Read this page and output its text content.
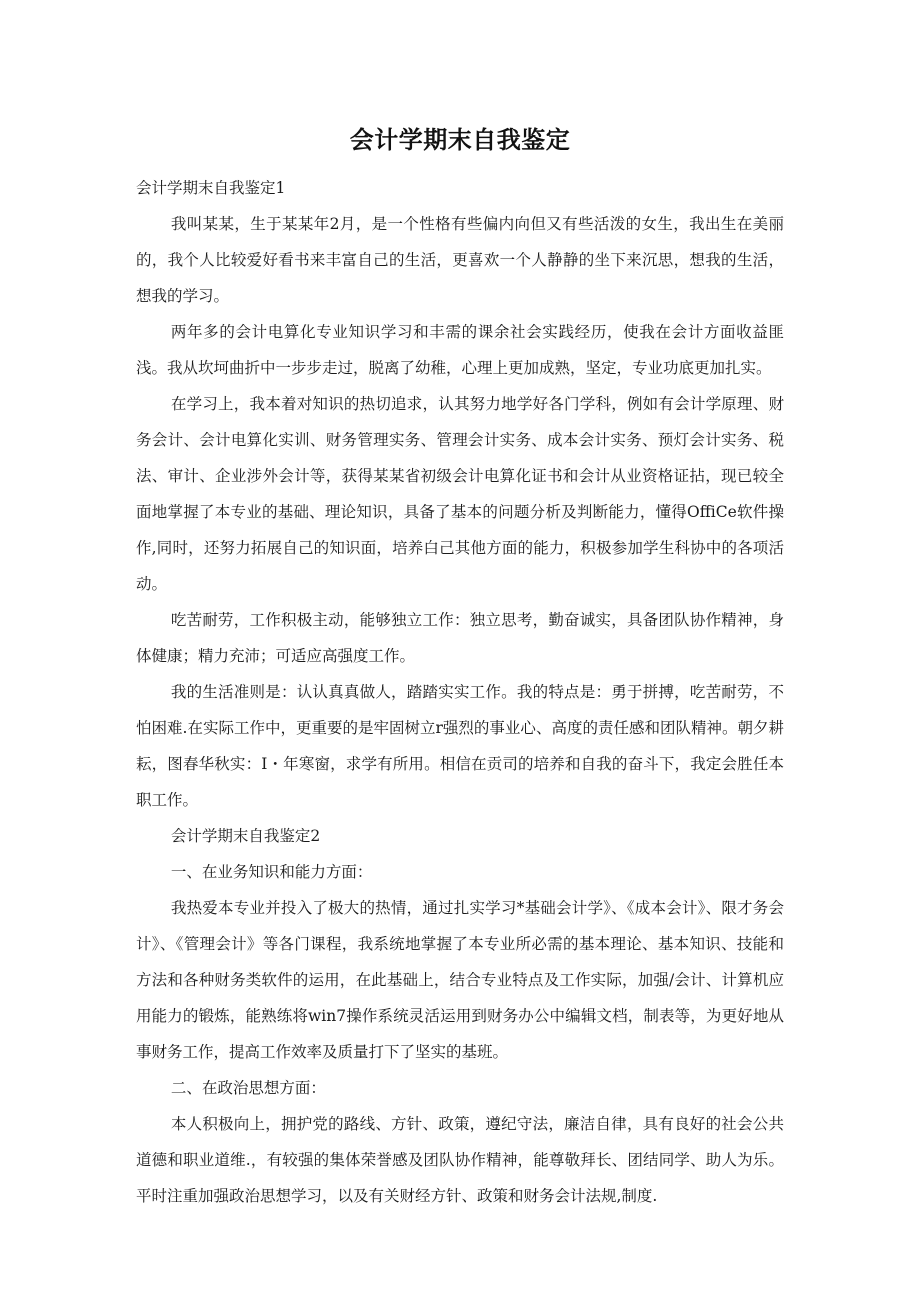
会计学期末自我鉴定

会计学期末自我鉴定1

我叫某某，生于某某年2月，是一个性格有些偏内向但又有些活泼的女生，我出生在美丽的，我个人比较爱好看书来丰富自己的生活，更喜欢一个人静静的坐下来沉思，想我的生活，想我的学习。

两年多的会计电算化专业知识学习和丰需的课余社会实践经历，使我在会计方面收益匪浅。我从坎坷曲折中一步步走过，脱离了幼稚，心理上更加成熟，坚定，专业功底更加扎实。

在学习上，我本着对知识的热切追求，认其努力地学好各门学科，例如有会计学原理、财务会计、会计电算化实训、财务管理实务、管理会计实务、成本会计实务、预灯会计实务、税法、审计、企业涉外会计等，获得某某省初级会计电算化证书和会计从业资格证拈，现已较全面地掌握了本专业的基础、理论知识，具备了基本的问题分析及判断能力，懂得OffiCe软件操作,同时，还努力拓展自己的知识面，培养白己其他方面的能力，积极参加学生科协中的各项活动。

吃苦耐劳，工作积极主动，能够独立工作：独立思考，勤奋诚实，具备团队协作精神，身体健康；精力充沛；可适应高强度工作。

我的生活准则是：认认真真做人，踏踏实实工作。我的特点是：勇于拼搏，吃苦耐劳，不怕困难.在实际工作中，更重要的是牢固树立r强烈的事业心、高度的责任感和团队精神。朝夕耕耘，图春华秋实：I・年寒窗，求学有所用。相信在贡司的培养和自我的奋斗下，我定会胜任本职工作。

会计学期末自我鉴定2

一、在业务知识和能力方面：

我热爱本专业并投入了极大的热情，通过扎实学习*基础会计学》、《成本会计》、限才务会计》、《管理会计》等各门课程，我系统地掌握了本专业所必需的基本理论、基本知识、技能和方法和各种财务类软件的运用，在此基础上，结合专业特点及工作实际，加强/会计、计算机应用能力的锻炼，能熟练将win7操作系统灵活运用到财务办公中编辑文档，制表等，为更好地从事财务工作，提高工作效率及质量打下了坚实的基班。

二、在政治思想方面：

本人积极向上，拥护党的路线、方针、政策，遵纪守法，廉洁自律，具有良好的社会公共道德和职业道维.，有较强的集体荣誉感及团队协作精神，能尊敬拜长、团结同学、助人为乐。平时注重加强政治思想学习，以及有关财经方针、政策和财务会计法规,制度.
